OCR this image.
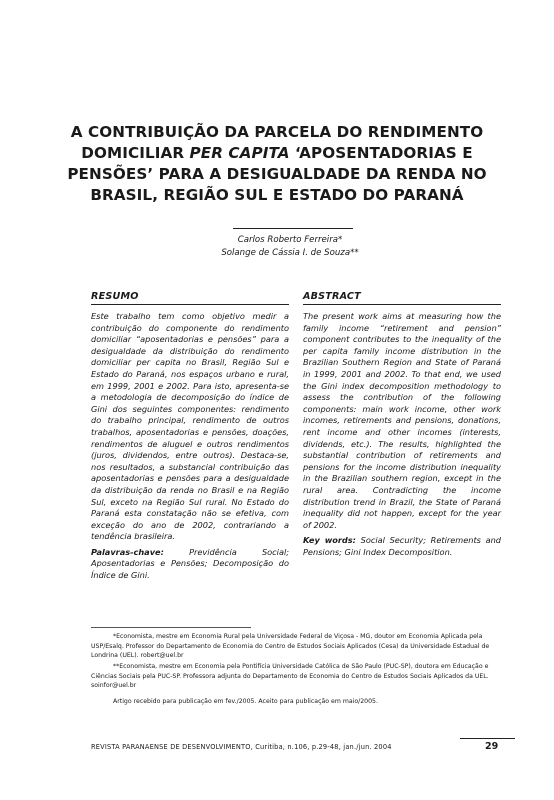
A CONTRIBUIÇÃO DA PARCELA DO RENDIMENTO
DOMICILIAR PER CAPITA ‘APOSENTADORIAS E
PENSÕES’ PARA A DESIGUALDADE DA RENDA NO
BRASIL, REGIÃO SUL E ESTADO DO PARANÁ
Carlos Roberto Ferreira*
Solange de Cássia I. de Souza**
RESUMO

Este trabalho tem como objetivo medir a contribuição do componente do rendimento domiciliar “aposentadorias e pensões” para a desigualdade da distribuição do rendimento domiciliar per capita no Brasil, Região Sul e Estado do Paraná, nos espaços urbano e rural, em 1999, 2001 e 2002. Para isto, apresenta-se a metodologia de decomposição do índice de Gini dos seguintes componentes: rendimento do trabalho principal, rendimento de outros trabalhos, aposentadorias e pensões, doações, rendimentos de aluguel e outros rendimentos (juros, dividendos, entre outros). Destaca-se, nos resultados, a substancial contribuição das aposentadorias e pensões para a desigualdade da distribuição da renda no Brasil e na Região Sul, exceto na Região Sul rural. No Estado do Paraná esta constatação não se efetiva, com exceção do ano de 2002, contrariando a tendência brasileira.

Palavras-chave: Previdência Social; Aposentadorias e Pensões; Decomposição do Índice de Gini.

ABSTRACT

The present work aims at measuring how the family income “retirement and pension” component contributes to the inequality of the per capita family income distribution in the Brazilian Southern Region and State of Paraná in 1999, 2001 and 2002. To that end, we used the Gini index decomposition methodology to assess the contribution of the following components: main work income, other work incomes, retirements and pensions, donations, rent income and other incomes (interests, dividends, etc.). The results, highlighted the substantial contribution of retirements and pensions for the income distribution inequality in the Brazilian southern region, except in the rural area. Contradicting the income distribution trend in Brazil, the State of Paraná inequality did not happen, except for the year of 2002.

Key words: Social Security; Retirements and Pensions; Gini Index Decomposition.

*Economista, mestre em Economia Rural pela Universidade Federal de Viçosa - MG, doutor em Economia Aplicada pela USP/Esalq. Professor do Departamento de Economia do Centro de Estudos Sociais Aplicados (Cesa) da Universidade Estadual de Londrina (UEL). robert@uel.br

**Economista, mestre em Economia pela Pontifícia Universidade Católica de São Paulo (PUC-SP), doutora em Educação e Ciências Sociais pela PUC-SP. Professora adjunta do Departamento de Economia do Centro de Estudos Sociais Aplicados da UEL. soinfor@uel.br

Artigo recebido para publicação em fev./2005. Aceito para publicação em maio/2005.

REVISTA PARANAENSE DE DESENVOLVIMENTO, Curitiba, n.106, p.29-48, jan./jun. 2004	29
